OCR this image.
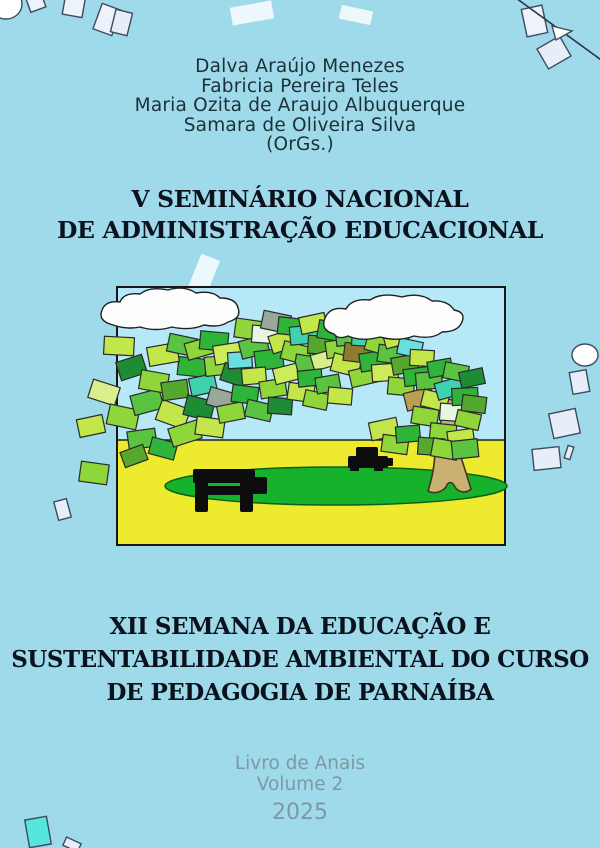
Dalva Araújo Menezes
Fabricia Pereira Teles
Maria Ozita de Araujo Albuquerque
Samara de Oliveira Silva
(OrGs.)
V SEMINÁRIO NACIONAL
DE ADMINISTRAÇÃO EDUCACIONAL
XII SEMANA DA EDUCAÇÃO E
SUSTENTABILIDADE AMBIENTAL DO CURSO
DE PEDAGOGIA DE PARNAÍBA
Livro de Anais
Volume 2
2025
